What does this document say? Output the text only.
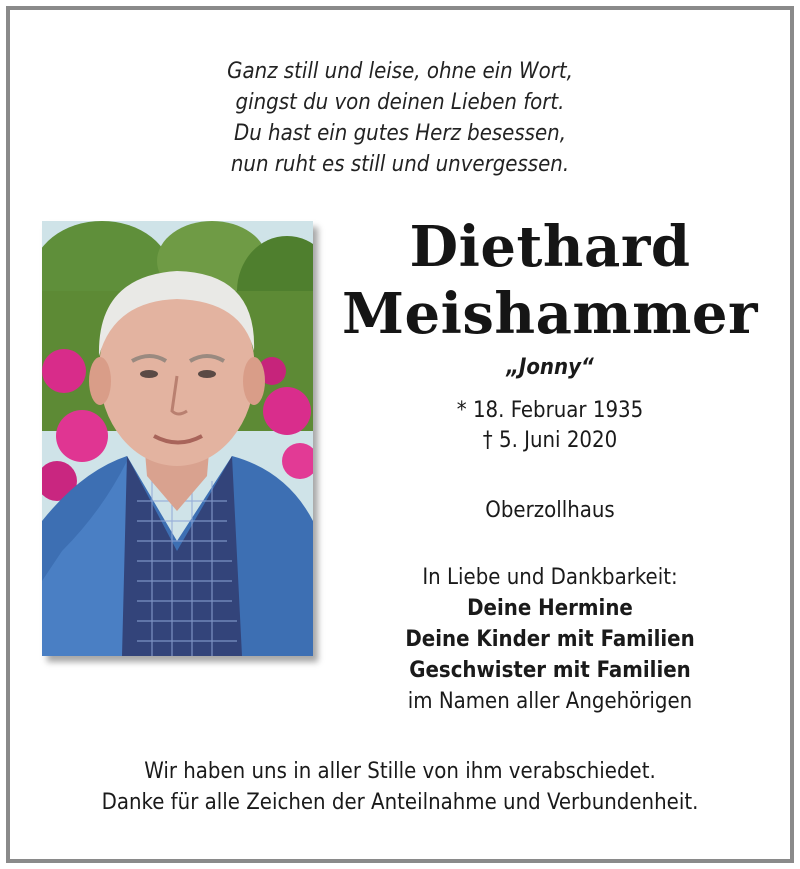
Ganz still und leise, ohne ein Wort,
gingst du von deinen Lieben fort.
Du hast ein gutes Herz besessen,
nun ruht es still und unvergessen.
Diethard
Meishammer
„Jonny“
* 18. Februar 1935
† 5. Juni 2020
Oberzollhaus
In Liebe und Dankbarkeit:
Deine Hermine
Deine Kinder mit Familien
Geschwister mit Familien
im Namen aller Angehörigen
Wir haben uns in aller Stille von ihm verabschiedet.
Danke für alle Zeichen der Anteilnahme und Verbundenheit.
